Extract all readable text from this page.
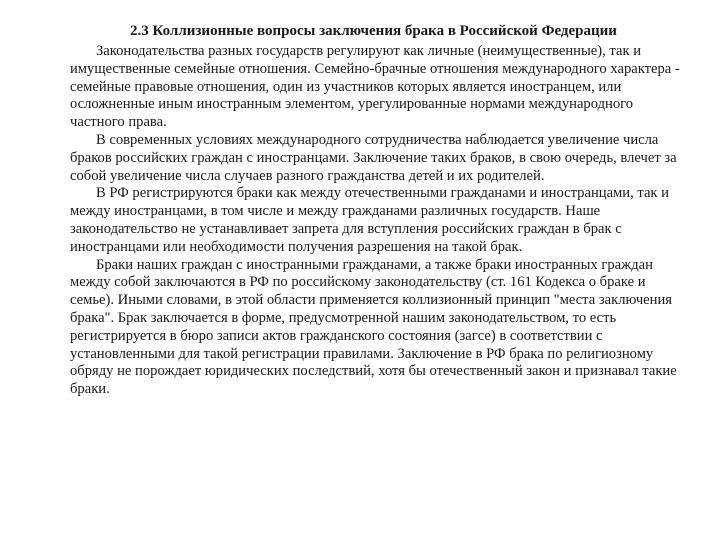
2.3 Коллизионные вопросы заключения брака в Российской Федерации

Законодательства разных государств регулируют как личные (неимущественные), так и имущественные семейные отношения. Семейно-брачные отношения международного характера - семейные правовые отношения, один из участников которых является иностранцем, или осложненные иным иностранным элементом, урегулированные нормами международного частного права.

В современных условиях международного сотрудничества наблюдается увеличение числа браков российских граждан с иностранцами. Заключение таких браков, в свою очередь, влечет за собой увеличение числа случаев разного гражданства детей и их родителей.

В РФ регистрируются браки как между отечественными гражданами и иностранцами, так и между иностранцами, в том числе и между гражданами различных государств. Наше законодательство не устанавливает запрета для вступления российских граждан в брак с иностранцами или необходимости получения разрешения на такой брак.

Браки наших граждан с иностранными гражданами, а также браки иностранных граждан между собой заключаются в РФ по российскому законодательству (ст. 161 Кодекса о браке и семье). Иными словами, в этой области применяется коллизионный принцип "места заключения брака". Брак заключается в форме, предусмотренной нашим законодательством, то есть регистрируется в бюро записи актов гражданского состояния (загсе) в соответствии с установленными для такой регистрации правилами. Заключение в РФ брака по религиозному обряду не порождает юридических последствий, хотя бы отечественный закон и признавал такие браки.
